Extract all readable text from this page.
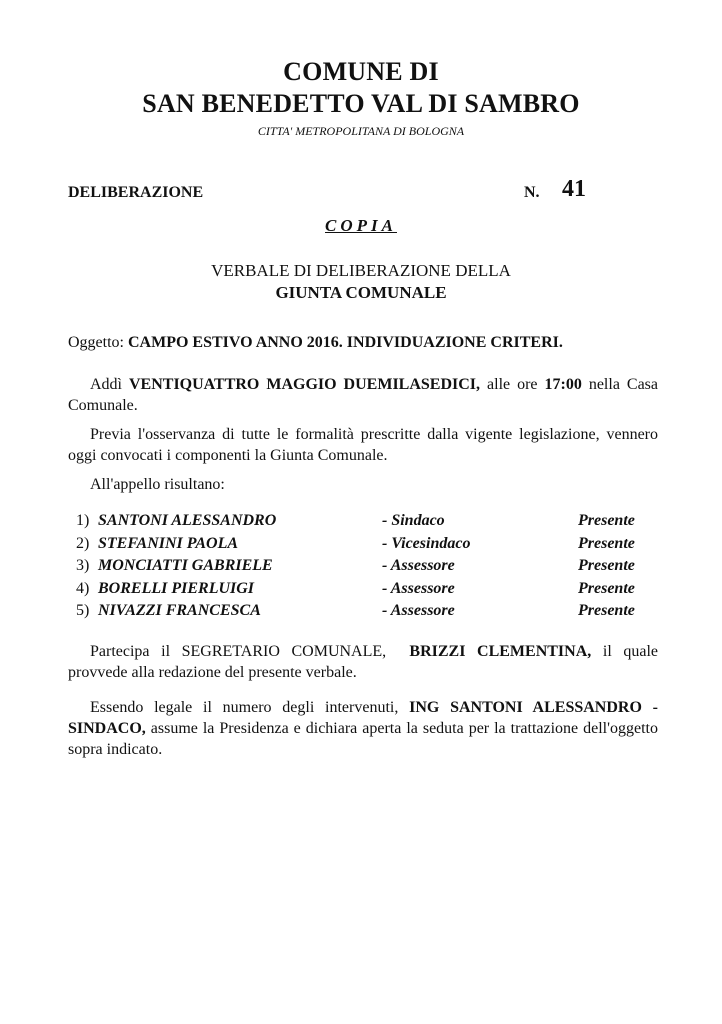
COMUNE DI
SAN BENEDETTO VAL DI SAMBRO
CITTA' METROPOLITANA DI BOLOGNA
DELIBERAZIONE	N. 41
COPIA
VERBALE DI DELIBERAZIONE DELLA
GIUNTA COMUNALE
Oggetto: CAMPO ESTIVO ANNO 2016. INDIVIDUAZIONE CRITERI.
Addì VENTIQUATTRO MAGGIO DUEMILASEDICI, alle ore 17:00 nella Casa Comunale.
Previa l'osservanza di tutte le formalità prescritte dalla vigente legislazione, vennero oggi convocati i componenti la Giunta Comunale.
All'appello risultano:
1) SANTONI ALESSANDRO	- Sindaco	Presente
2) STEFANINI PAOLA	- Vicesindaco	Presente
3) MONCIATTI GABRIELE	- Assessore	Presente
4) BORELLI PIERLUIGI	- Assessore	Presente
5) NIVAZZI FRANCESCA	- Assessore	Presente
Partecipa il SEGRETARIO COMUNALE, BRIZZI CLEMENTINA, il quale provvede alla redazione del presente verbale.
Essendo legale il numero degli intervenuti, ING SANTONI ALESSANDRO - SINDACO, assume la Presidenza e dichiara aperta la seduta per la trattazione dell'oggetto sopra indicato.
